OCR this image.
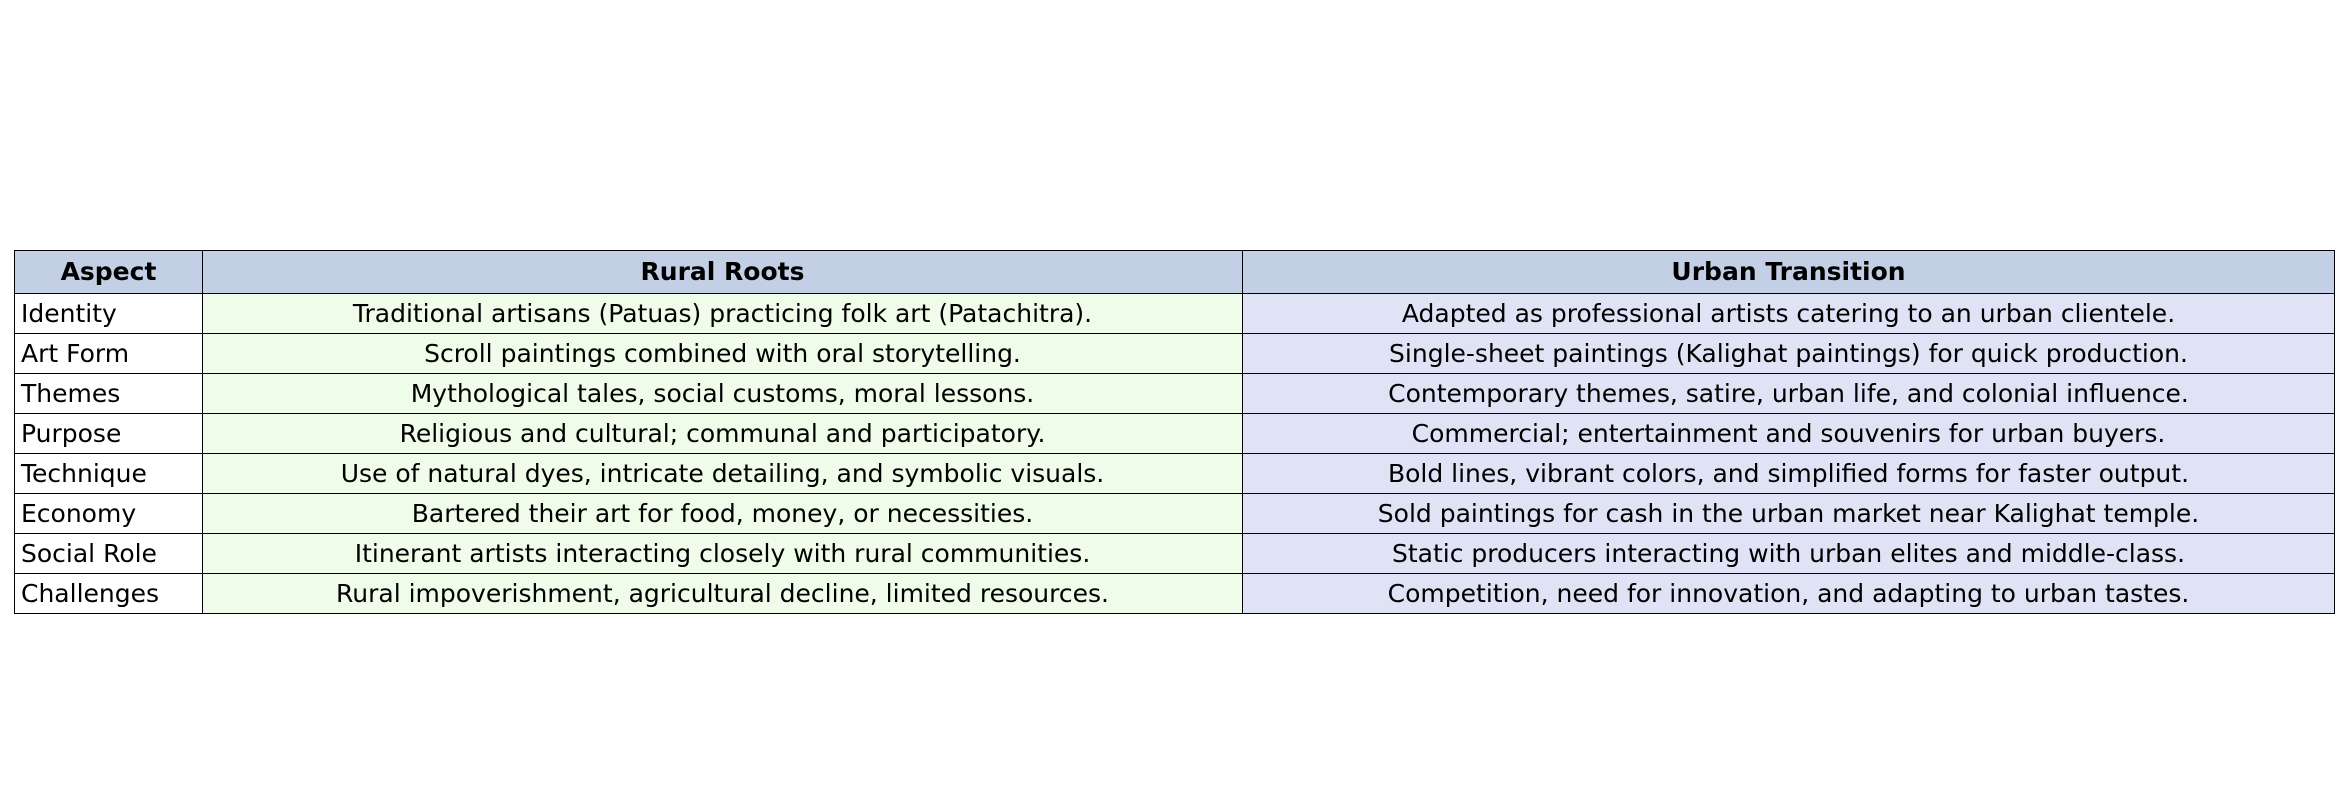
Aspect	Rural Roots	Urban Transition
Identity	Traditional artisans (Patuas) practicing folk art (Patachitra).	Adapted as professional artists catering to an urban clientele.
Art Form	Scroll paintings combined with oral storytelling.	Single-sheet paintings (Kalighat paintings) for quick production.
Themes	Mythological tales, social customs, moral lessons.	Contemporary themes, satire, urban life, and colonial influence.
Purpose	Religious and cultural; communal and participatory.	Commercial; entertainment and souvenirs for urban buyers.
Technique	Use of natural dyes, intricate detailing, and symbolic visuals.	Bold lines, vibrant colors, and simplified forms for faster output.
Economy	Bartered their art for food, money, or necessities.	Sold paintings for cash in the urban market near Kalighat temple.
Social Role	Itinerant artists interacting closely with rural communities.	Static producers interacting with urban elites and middle-class.
Challenges	Rural impoverishment, agricultural decline, limited resources.	Competition, need for innovation, and adapting to urban tastes.
